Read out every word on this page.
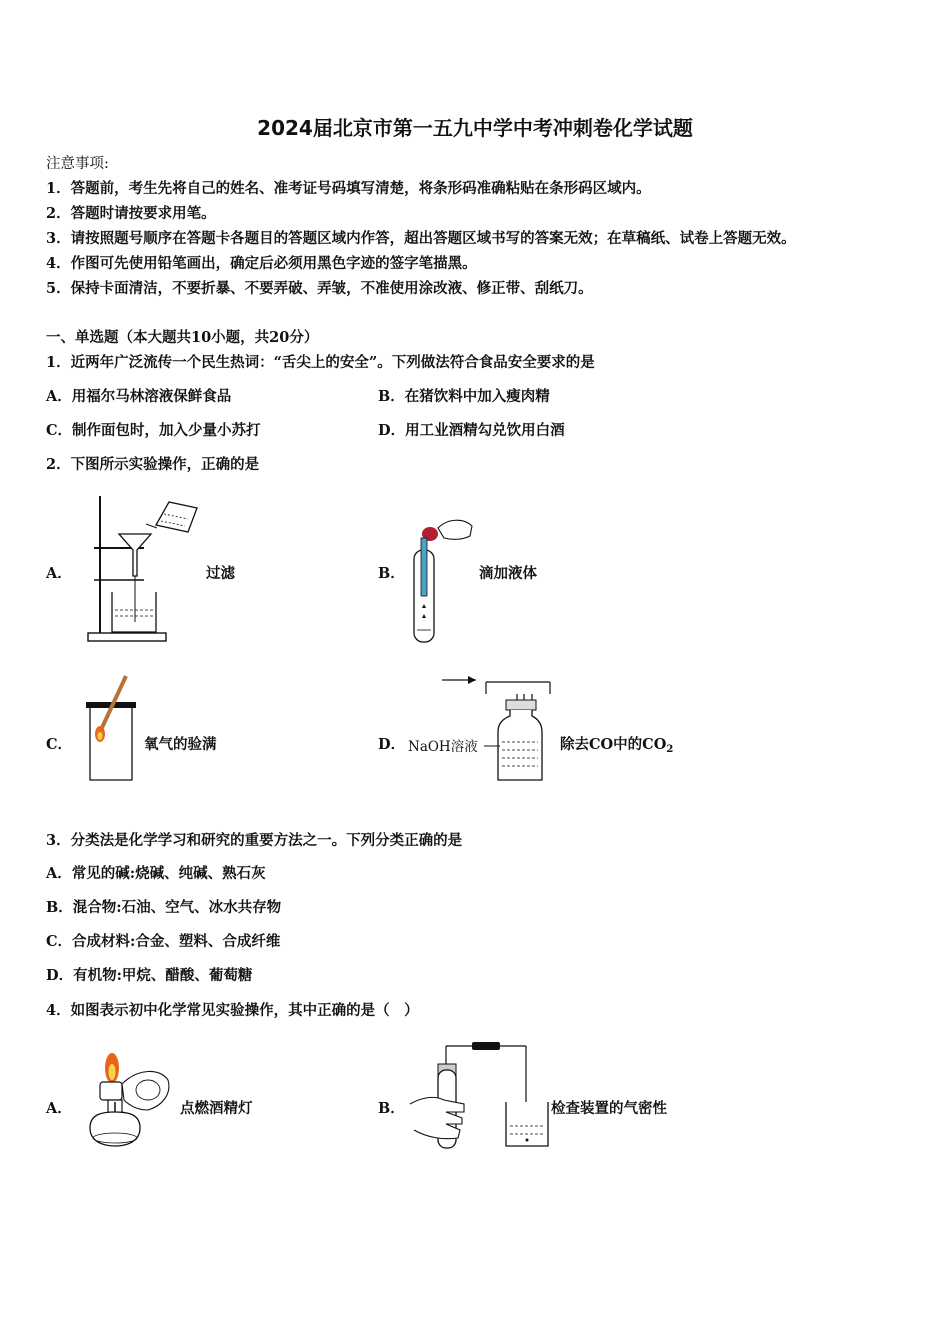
2024届北京市第一五九中学中考冲刺卷化学试题
注意事项:
1．答题前，考生先将自己的姓名、准考证号码填写清楚，将条形码准确粘贴在条形码区域内。
2．答题时请按要求用笔。
3．请按照题号顺序在答题卡各题目的答题区域内作答，超出答题区域书写的答案无效；在草稿纸、试卷上答题无效。
4．作图可先使用铅笔画出，确定后必须用黑色字迹的签字笔描黑。
5．保持卡面清洁，不要折暴、不要弄破、弄皱，不准使用涂改液、修正带、刮纸刀。
一、单选题（本大题共10小题，共20分）
1．近两年广泛流传一个民生热词：“舌尖上的安全”。下列做法符合食品安全要求的是
A．用福尔马林溶液保鲜食品	B．在猪饮料中加入瘦肉精
C．制作面包时，加入少量小苏打	D．用工业酒精勾兑饮用白酒
2．下图所示实验操作，正确的是
A．	过滤	B．	滴加液体
C．	氧气的验满	D． NaOH溶液	除去CO中的$CO_2$
3．分类法是化学学习和研究的重要方法之一。下列分类正确的是
A．常见的碱:烧碱、纯碱、熟石灰
B．混合物:石油、空气、冰水共存物
C．合成材料:合金、塑料、合成纤维
D．有机物:甲烷、醋酸、葡萄糖
4．如图表示初中化学常见实验操作，其中正确的是（　）
A．	点燃酒精灯	B．	检查装置的气密性
